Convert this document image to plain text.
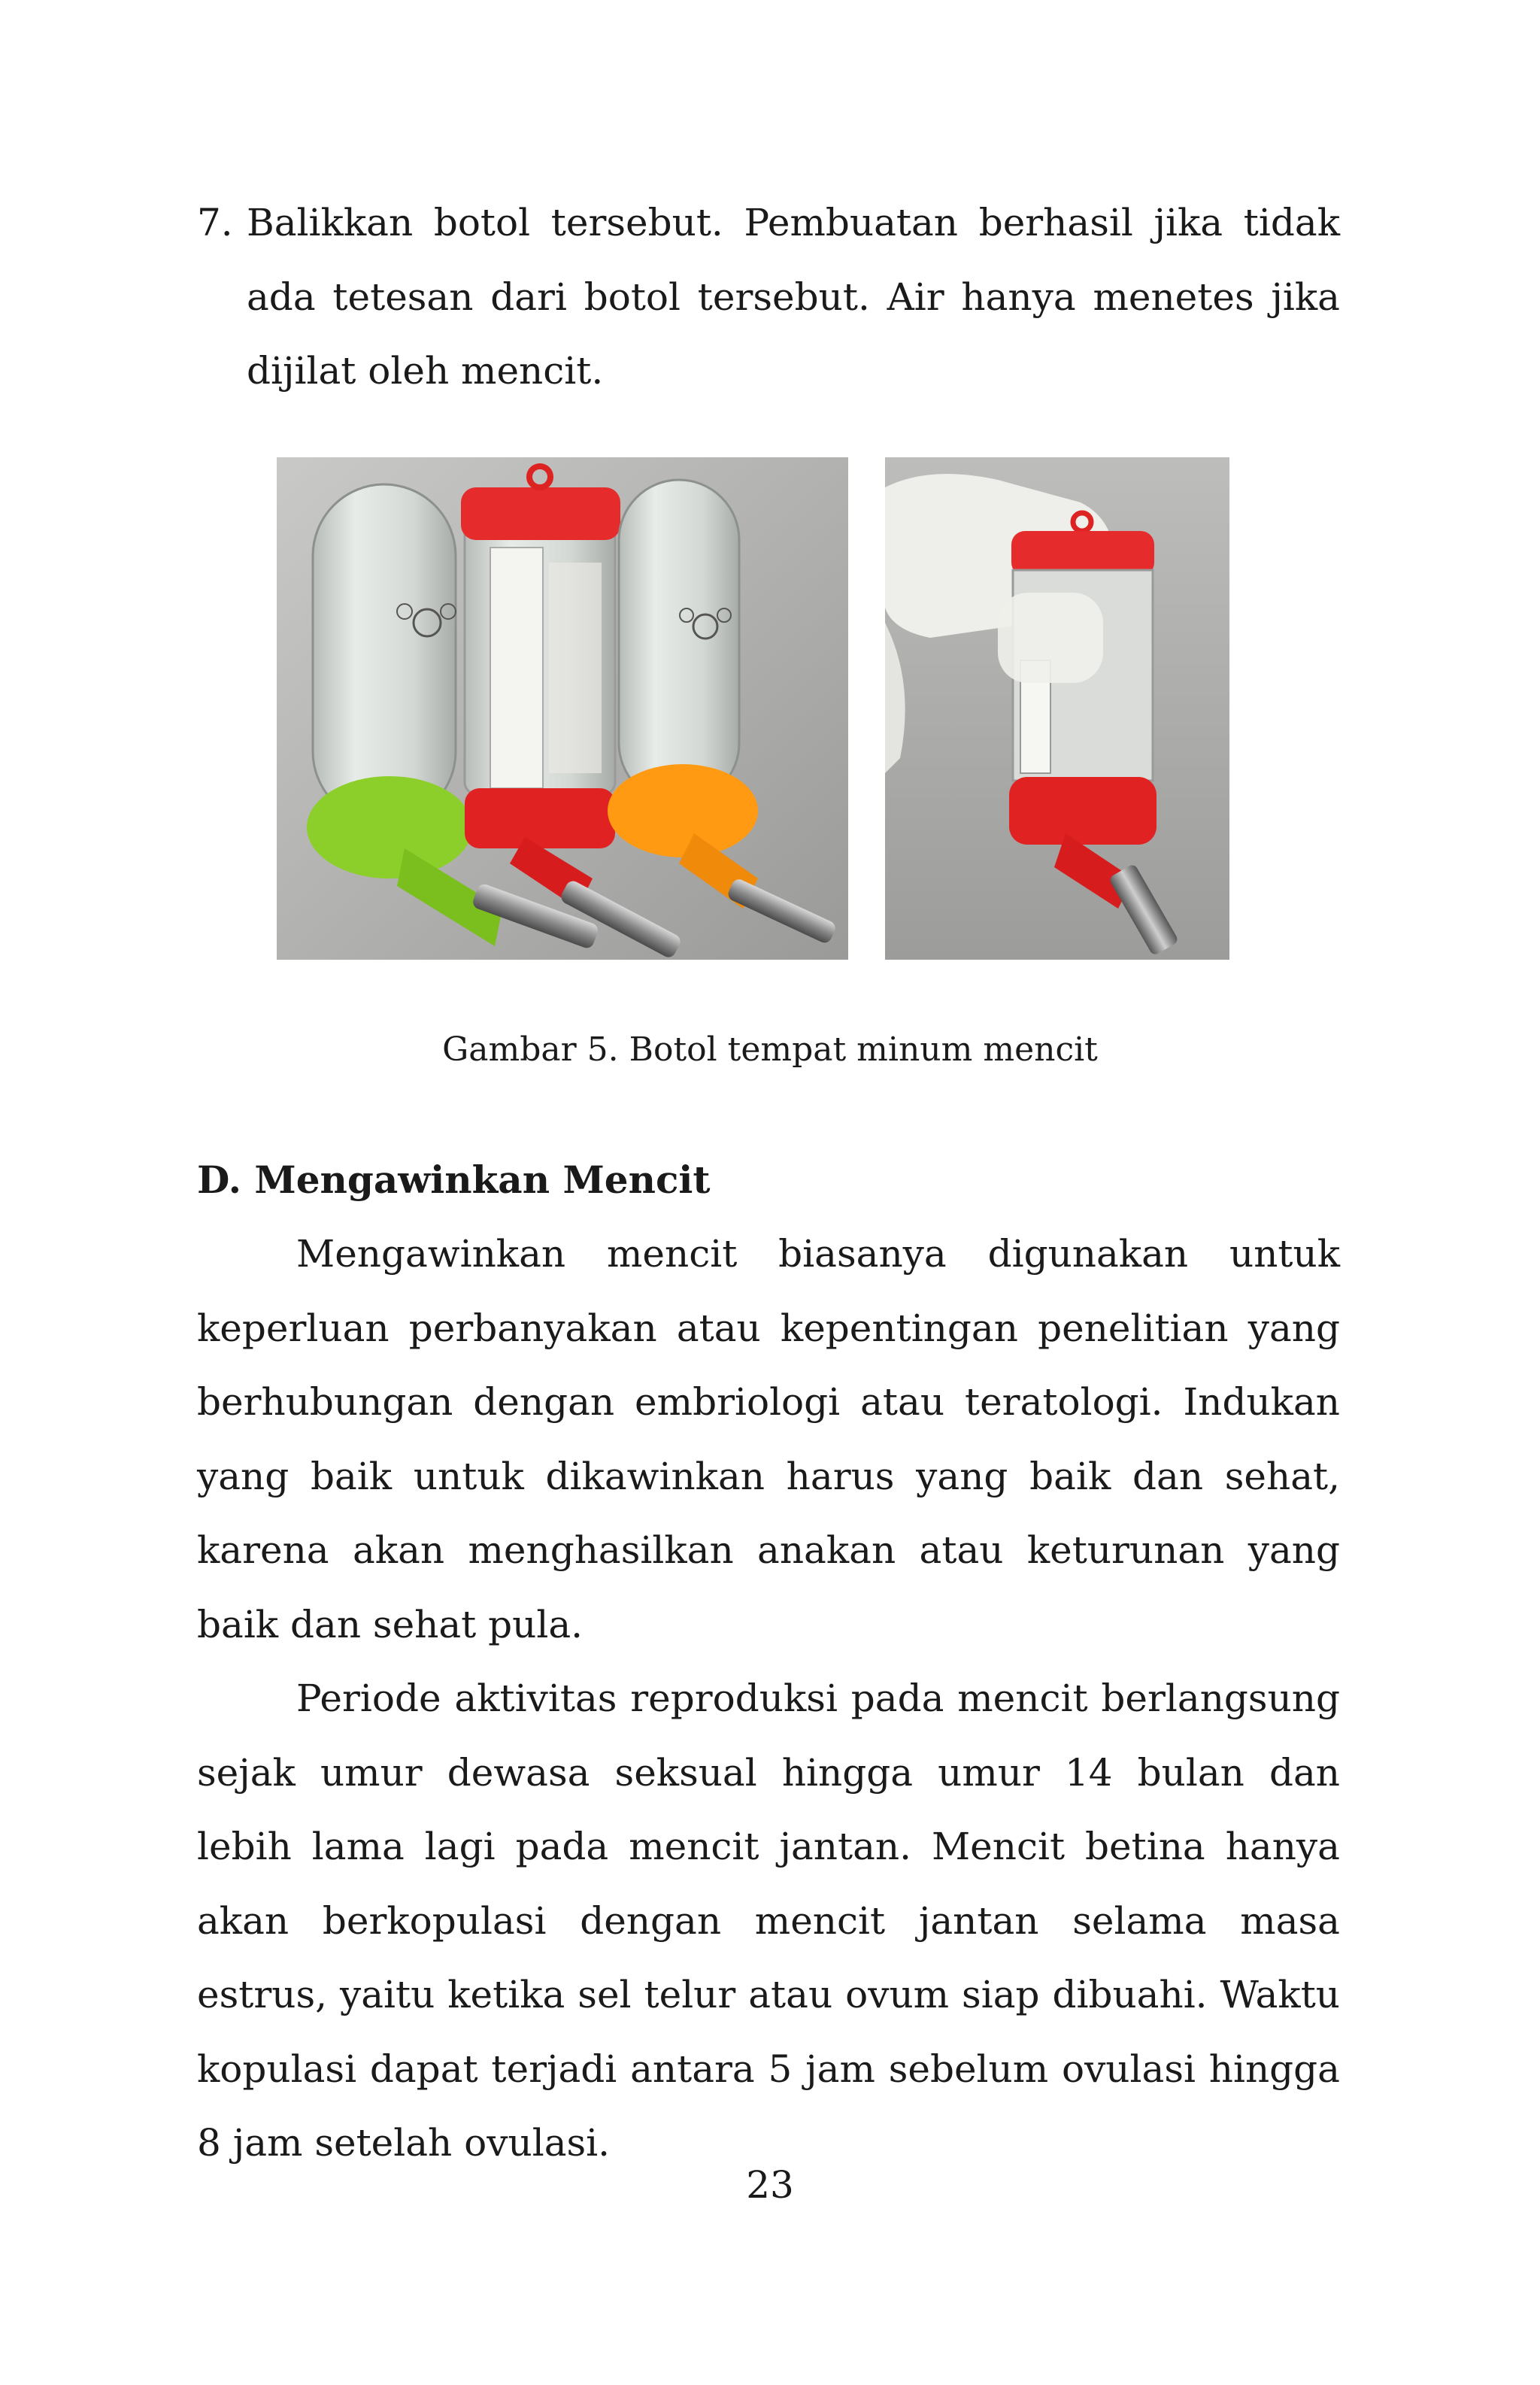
7. Balikkan botol tersebut. Pembuatan berhasil jika tidak ada tetesan dari botol tersebut. Air hanya menetes jika dijilat oleh mencit.
Gambar 5. Botol tempat minum mencit

D. Mengawinkan Mencit

Mengawinkan mencit biasanya digunakan untuk keperluan perbanyakan atau kepentingan penelitian yang berhubungan dengan embriologi atau teratologi. Indukan yang baik untuk dikawinkan harus yang baik dan sehat, karena akan menghasilkan anakan atau keturunan yang baik dan sehat pula.

Periode aktivitas reproduksi pada mencit berlangsung sejak umur dewasa seksual hingga umur 14 bulan dan lebih lama lagi pada mencit jantan. Mencit betina hanya akan berkopulasi dengan mencit jantan selama masa estrus, yaitu ketika sel telur atau ovum siap dibuahi. Waktu kopulasi dapat terjadi antara 5 jam sebelum ovulasi hingga 8 jam setelah ovulasi.

23
